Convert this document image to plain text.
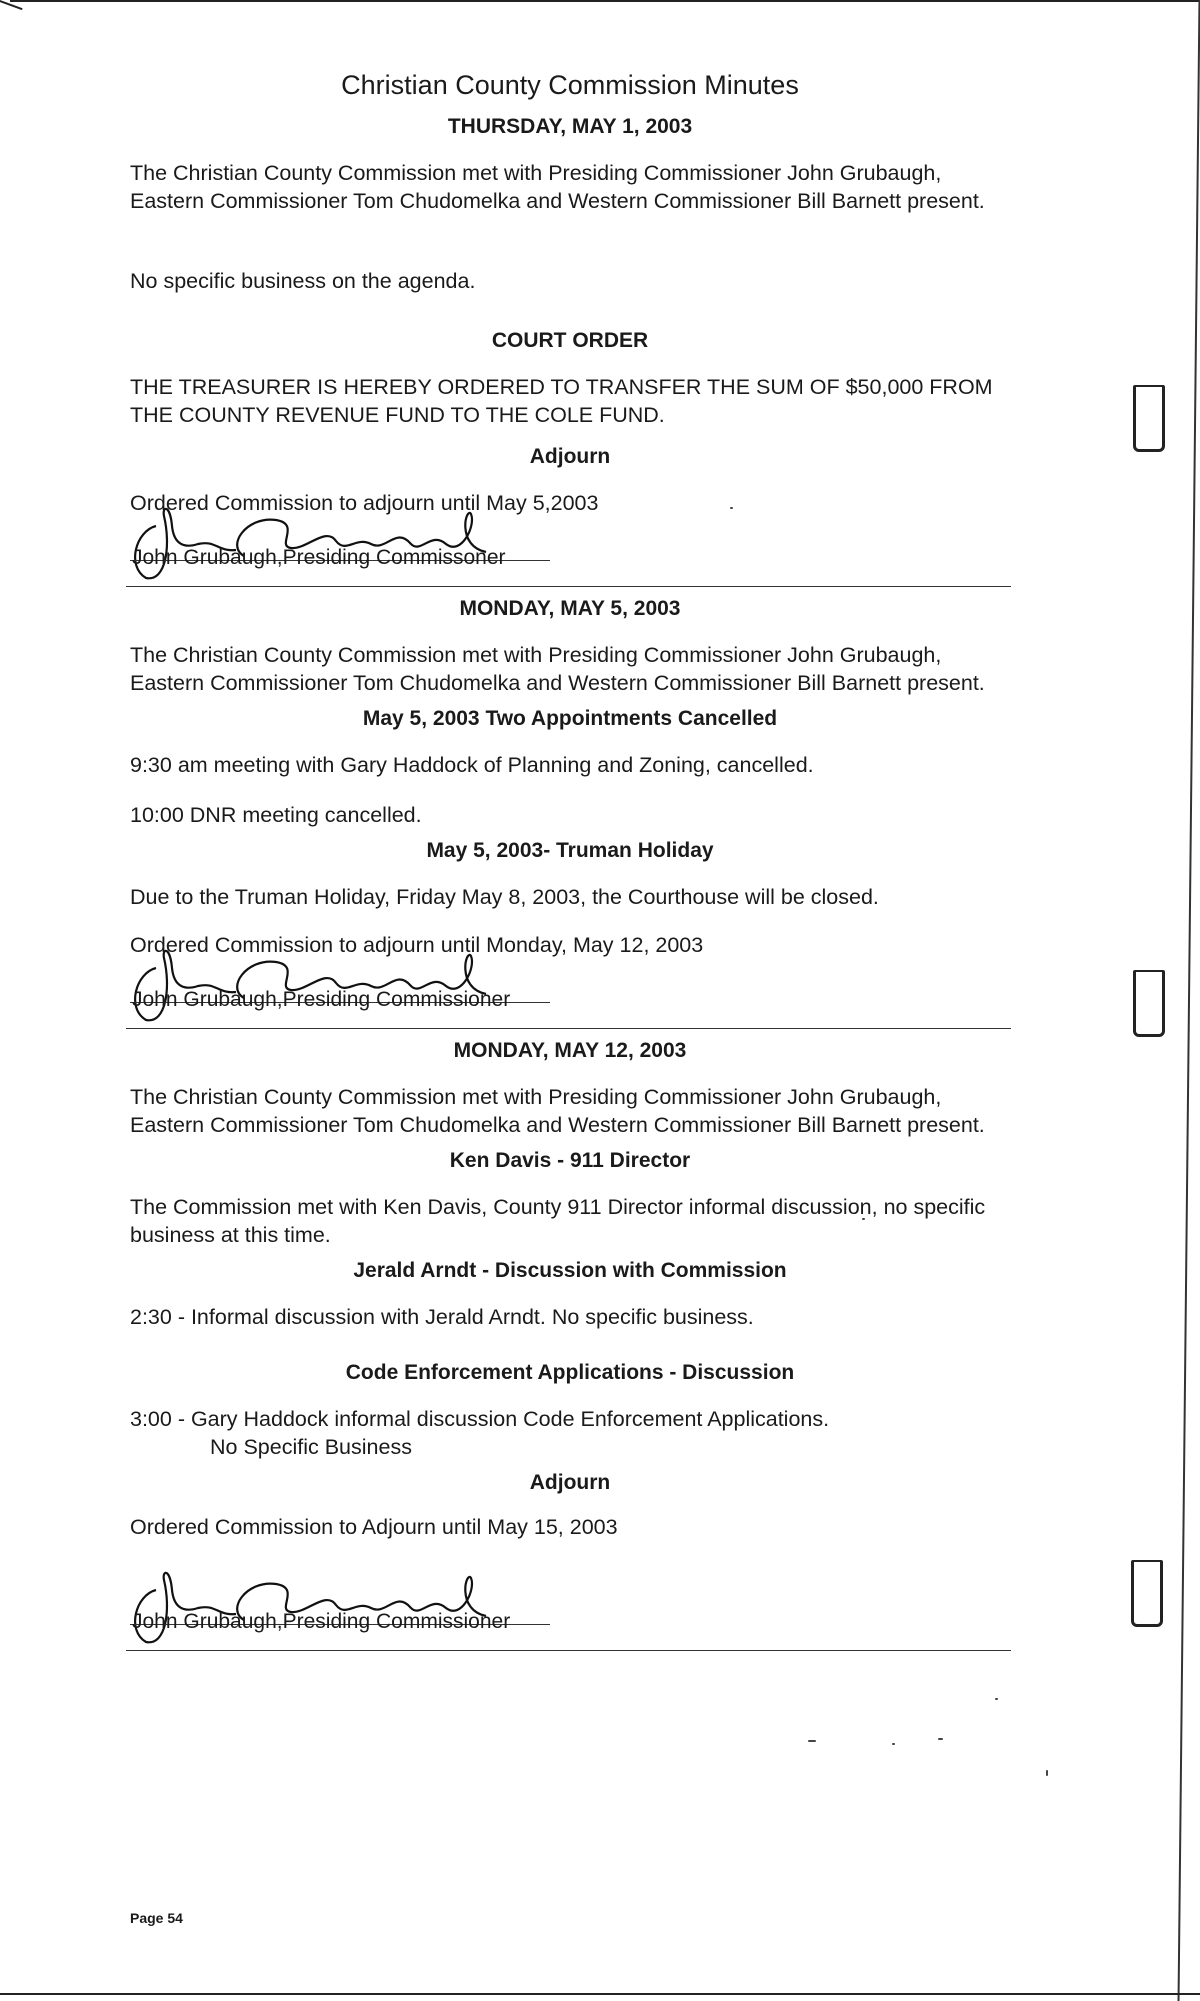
Christian County Commission Minutes
THURSDAY, MAY 1, 2003

The Christian County Commission met with Presiding Commissioner John Grubaugh, Eastern Commissioner Tom Chudomelka and Western Commissioner Bill Barnett present.

No specific business on the agenda.

COURT ORDER

THE TREASURER IS HEREBY ORDERED TO TRANSFER THE SUM OF $50,000 FROM THE COUNTY REVENUE FUND TO THE COLE FUND.

Adjourn

Ordered Commission to adjourn until May 5,2003

John Grubaugh,Presiding Commissoner
MONDAY, MAY 5, 2003

The Christian County Commission met with Presiding Commissioner John Grubaugh, Eastern Commissioner Tom Chudomelka and Western Commissioner Bill Barnett present.

May 5, 2003 Two Appointments Cancelled

9:30 am meeting with Gary Haddock of Planning and Zoning, cancelled.

10:00 DNR meeting cancelled.

May 5, 2003- Truman Holiday

Due to the Truman Holiday, Friday May 8, 2003, the Courthouse will be closed.

Ordered Commission to adjourn until Monday, May 12, 2003

John Grubaugh,Presiding Commissioner
MONDAY, MAY 12, 2003

The Christian County Commission met with Presiding Commissioner John Grubaugh, Eastern Commissioner Tom Chudomelka and Western Commissioner Bill Barnett present.

Ken Davis - 911 Director

The Commission met with Ken Davis, County 911 Director informal discussion, no specific business at this time.

Jerald Arndt - Discussion with Commission

2:30 - Informal discussion with Jerald Arndt. No specific business.

Code Enforcement Applications - Discussion

3:00 - Gary Haddock informal discussion Code Enforcement Applications.
No Specific Business

Adjourn

Ordered Commission to Adjourn until May 15, 2003

John Grubaugh,Presiding Commissioner
Page 54
